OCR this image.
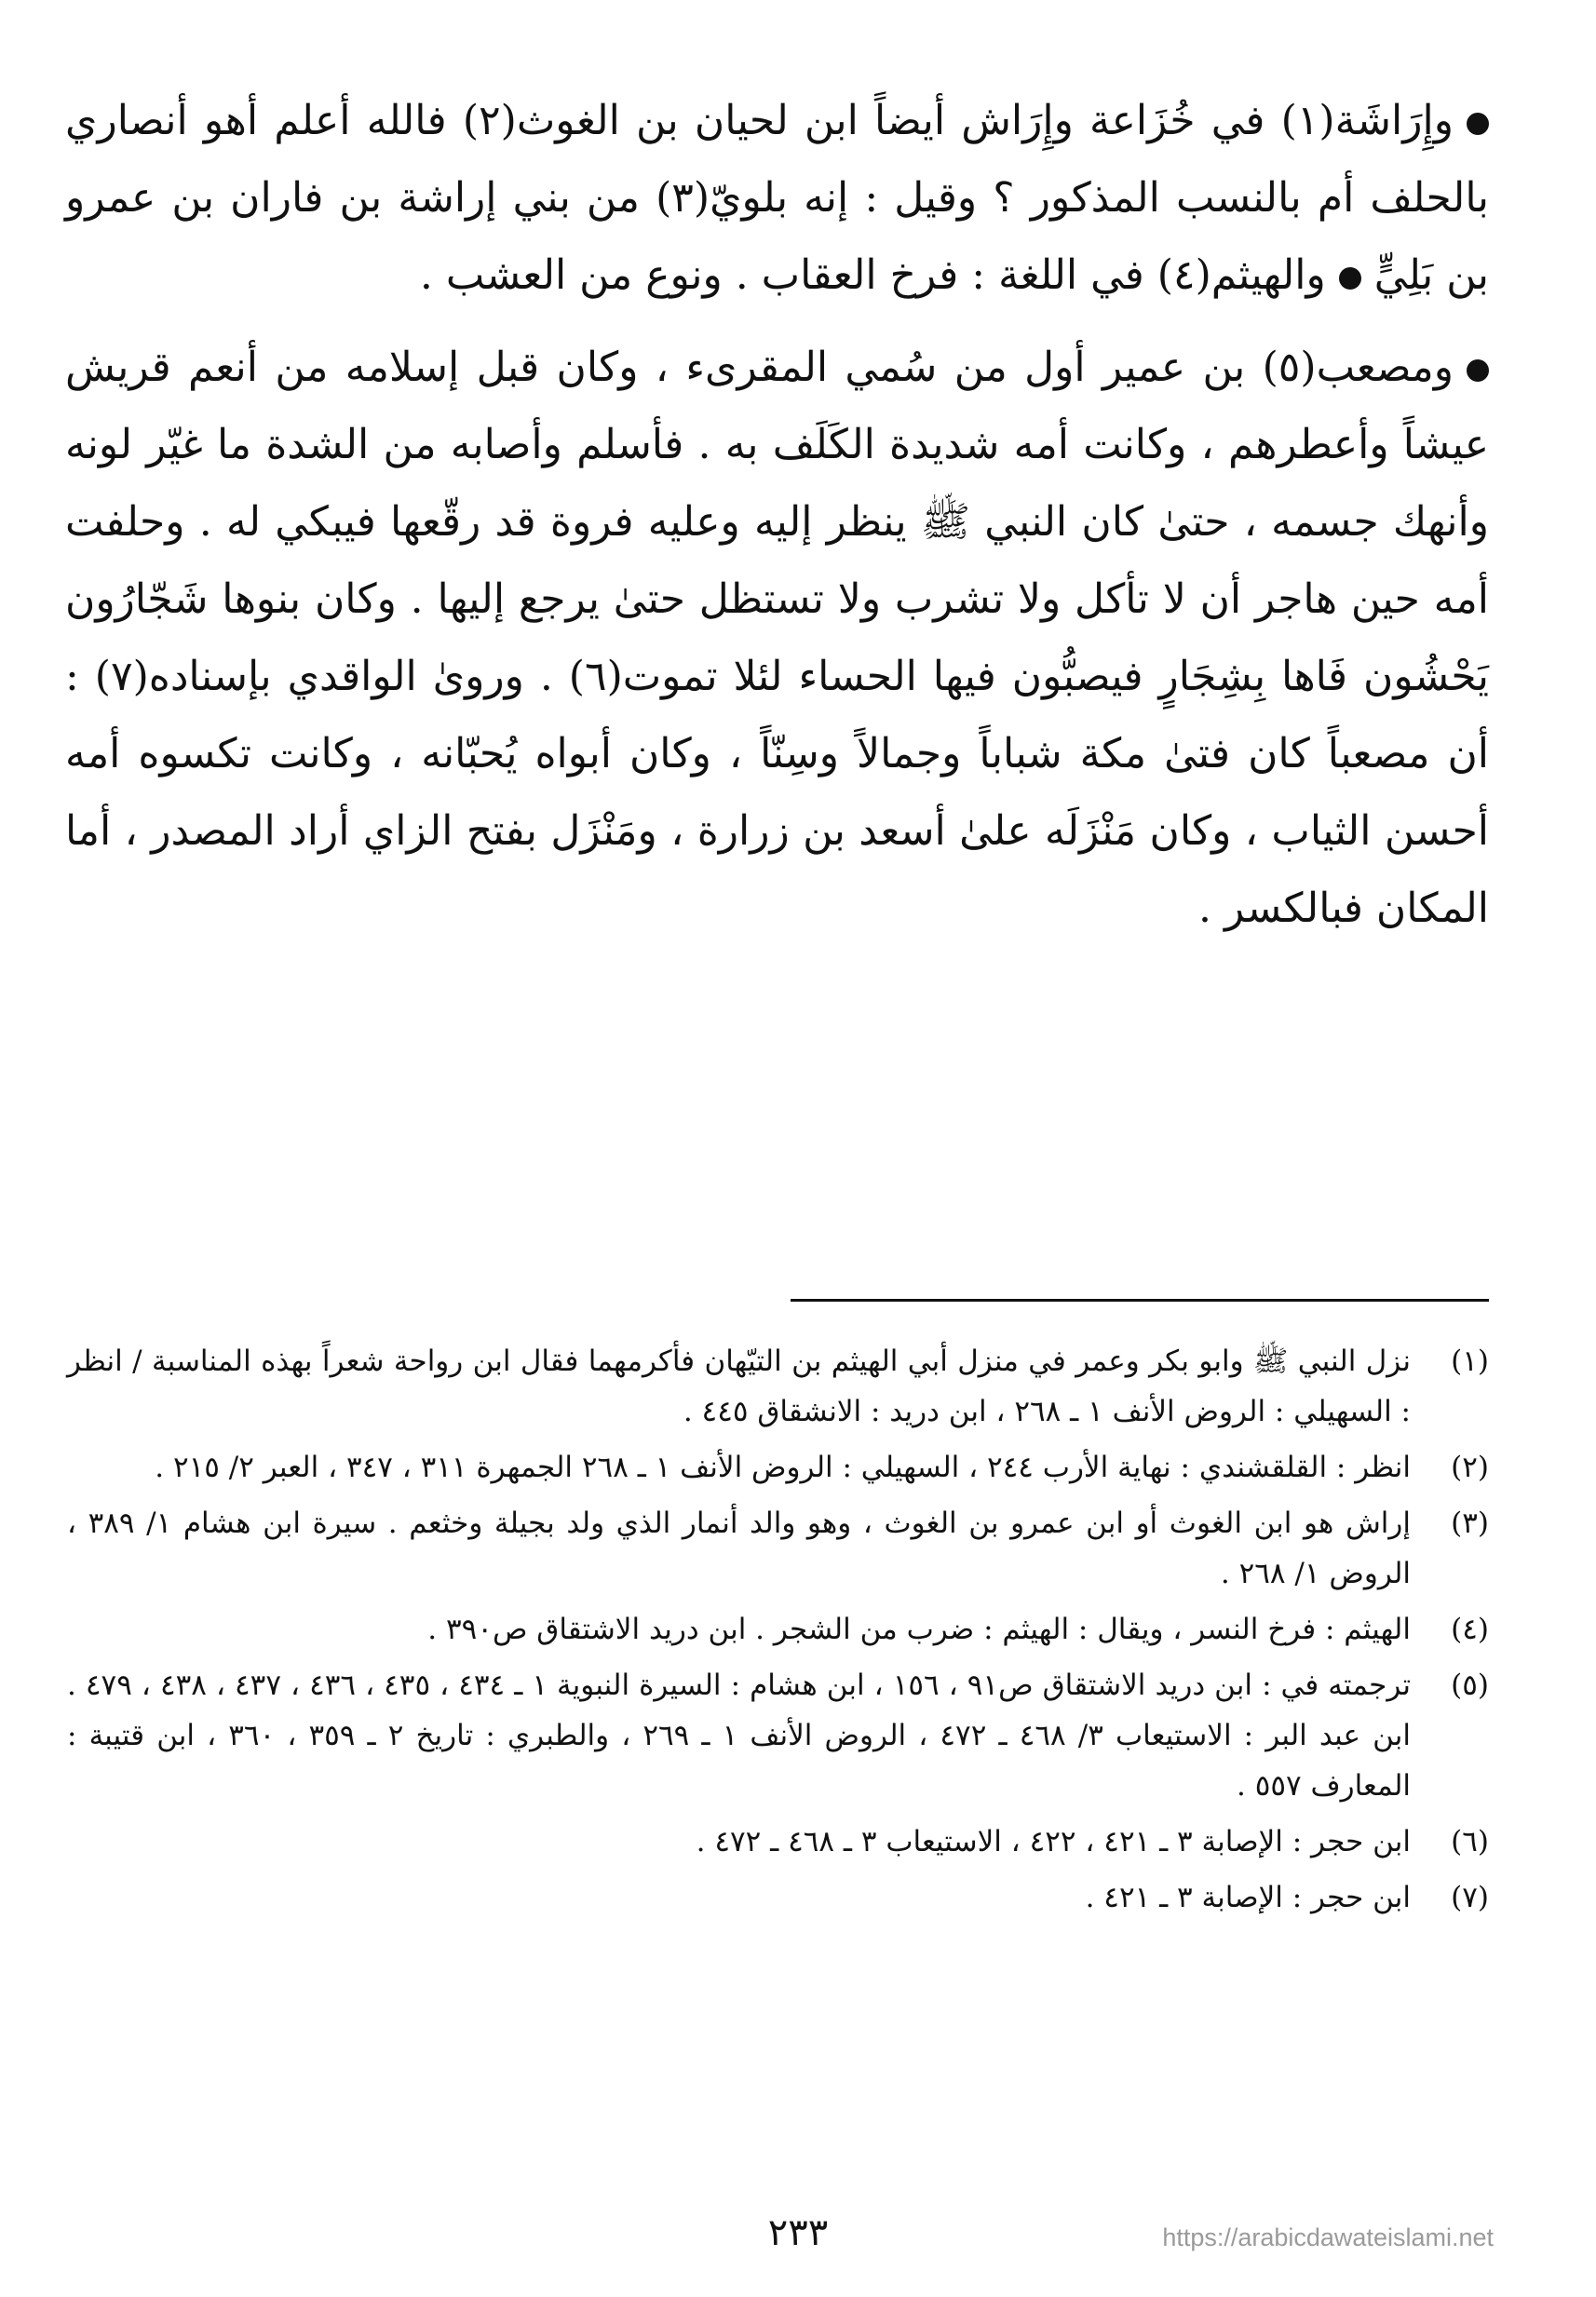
وإِرَاشَة(١) في خُزَاعة وإِرَاش أيضاً ابن لحيان بن الغوث(٢) فالله أعلم أهو أنصاري بالحلف أم بالنسب المذكور ؟ وقيل : إنه بلويّ(٣) من بني إراشة بن فاران بن عمرو بن بَلِيٍّ والهيثم(٤) في اللغة : فرخ العقاب . ونوع من العشب .

ومصعب(٥) بن عمير أول من سُمي المقرىء ، وكان قبل إسلامه من أنعم قريش عيشاً وأعطرهم ، وكانت أمه شديدة الكَلَف به . فأسلم وأصابه من الشدة ما غيّر لونه وأنهك جسمه ، حتىٰ كان النبي ﷺ ينظر إليه وعليه فروة قد رقّعها فيبكي له . وحلفت أمه حين هاجر أن لا تأكل ولا تشرب ولا تستظل حتىٰ يرجع إليها . وكان بنوها شَجّارُون يَحْشُون فَاها بِشِجَارٍ فيصبُّون فيها الحساء لئلا تموت(٦) . ورویٰ الواقدي بإسناده(٧) : أن مصعباً كان فتىٰ مكة شباباً وجمالاً وسِنّاً ، وكان أبواه يُحبّانه ، وكانت تكسوه أمه أحسن الثياب ، وكان مَنْزَلَه علىٰ أسعد بن زرارة ، ومَنْزَل بفتح الزاي أراد المصدر ، أما المكان فبالكسر .

(١)
نزل النبي ﷺ وابو بكر وعمر في منزل أبي الهيثم بن التيّهان فأكرمهما فقال ابن رواحة شعراً بهذه المناسبة / انظر : السهيلي : الروض الأنف ١ ـ ٢٦٨ ، ابن دريد : الانشقاق ٤٤٥ .
(٢)
انظر : القلقشندي : نهاية الأرب ٢٤٤ ، السهيلي : الروض الأنف ١ ـ ٢٦٨ الجمهرة ٣١١ ، ٣٤٧ ، العبر ٢/ ٢١٥ .
(٣)
إراش هو ابن الغوث أو ابن عمرو بن الغوث ، وهو والد أنمار الذي ولد بجيلة وخثعم . سيرة ابن هشام ١/ ٣٨٩ ، الروض ١/ ٢٦٨ .
(٤)
الهيثم : فرخ النسر ، ويقال : الهيثم : ضرب من الشجر . ابن دريد الاشتقاق ص٣٩٠ .
(٥)
ترجمته في : ابن دريد الاشتقاق ص٩١ ، ١٥٦ ، ابن هشام : السيرة النبوية ١ ـ ٤٣٤ ، ٤٣٥ ، ٤٣٦ ، ٤٣٧ ، ٤٣٨ ، ٤٧٩ . ابن عبد البر : الاستيعاب ٣/ ٤٦٨ ـ ٤٧٢ ، الروض الأنف ١ ـ ٢٦٩ ، والطبري : تاريخ ٢ ـ ٣٥٩ ، ٣٦٠ ، ابن قتيبة : المعارف ٥٥٧ .
(٦)
ابن حجر : الإصابة ٣ ـ ٤٢١ ، ٤٢٢ ، الاستيعاب ٣ ـ ٤٦٨ ـ ٤٧٢ .
(٧)
ابن حجر : الإصابة ٣ ـ ٤٢١ .
٢٣٣	https://arabicdawateislami.net
